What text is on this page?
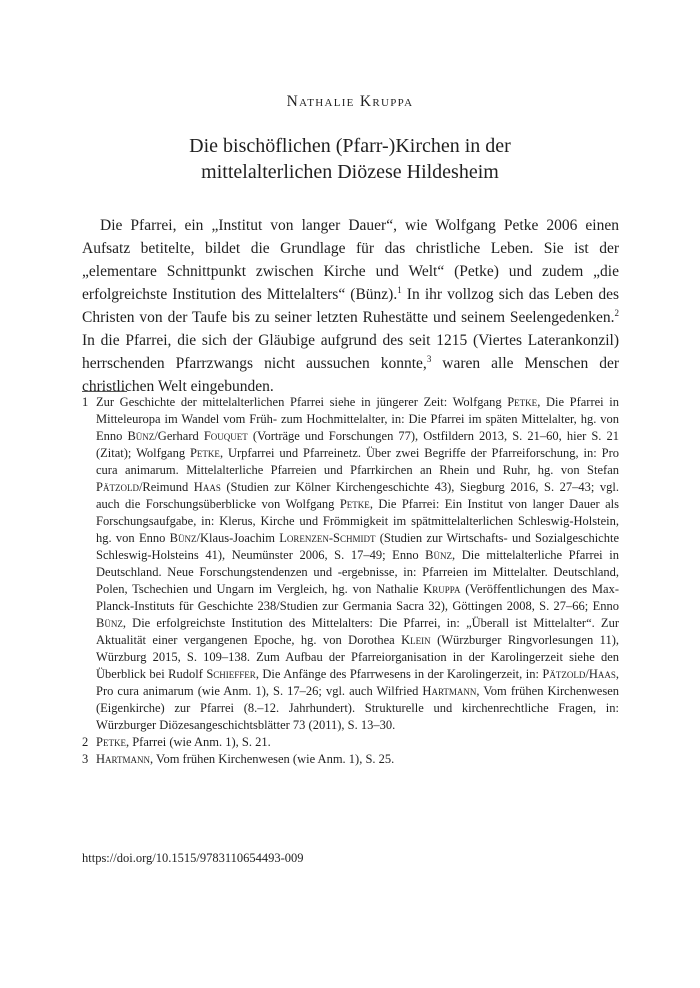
Nathalie Kruppa
Die bischöflichen (Pfarr-)Kirchen in der
mittelalterlichen Diözese Hildesheim

Die Pfarrei, ein „Institut von langer Dauer“, wie Wolfgang Petke 2006 einen Aufsatz betitelte, bildet die Grundlage für das christliche Leben. Sie ist der „elementare Schnittpunkt zwischen Kirche und Welt“ (Petke) und zudem „die erfolgreichste Institution des Mittelalters“ (Bünz).$^1$ In ihr vollzog sich das Leben des Christen von der Taufe bis zu seiner letzten Ruhestätte und seinem Seelengedenken.$^2$ In die Pfarrei, die sich der Gläubige aufgrund des seit 1215 (Viertes Laterankonzil) herrschenden Pfarrzwangs nicht aussuchen konnte,$^3$ waren alle Menschen der christlichen Welt eingebunden.

1 Zur Geschichte der mittelalterlichen Pfarrei siehe in jüngerer Zeit: Wolfgang Petke, Die Pfarrei in Mitteleuropa im Wandel vom Früh- zum Hochmittelalter, in: Die Pfarrei im späten Mittelalter, hg. von Enno Bünz/Gerhard Fouquet (Vorträge und Forschungen 77), Ostfildern 2013, S. 21–60, hier S. 21 (Zitat); Wolfgang Petke, Urpfarrei und Pfarreinetz. Über zwei Begriffe der Pfarreiforschung, in: Pro cura animarum. Mittelalterliche Pfarreien und Pfarrkirchen an Rhein und Ruhr, hg. von Stefan Pätzold/Reimund Haas (Studien zur Kölner Kirchengeschichte 43), Siegburg 2016, S. 27–43; vgl. auch die Forschungsüberblicke von Wolfgang Petke, Die Pfarrei: Ein Institut von langer Dauer als Forschungsaufgabe, in: Klerus, Kirche und Frömmigkeit im spätmittelalterlichen Schleswig-Holstein, hg. von Enno Bünz/Klaus-Joachim Lorenzen-Schmidt (Studien zur Wirtschafts- und Sozialgeschichte Schleswig-Holsteins 41), Neumünster 2006, S. 17–49; Enno Bünz, Die mittelalterliche Pfarrei in Deutschland. Neue Forschungstendenzen und -ergebnisse, in: Pfarreien im Mittelalter. Deutschland, Polen, Tschechien und Ungarn im Vergleich, hg. von Nathalie Kruppa (Veröffentlichungen des Max-Planck-Instituts für Geschichte 238/Studien zur Germania Sacra 32), Göttingen 2008, S. 27–66; Enno Bünz, Die erfolgreichste Institution des Mittelalters: Die Pfarrei, in: „Überall ist Mittelalter“. Zur Aktualität einer vergangenen Epoche, hg. von Dorothea Klein (Würzburger Ringvorlesungen 11), Würzburg 2015, S. 109–138. Zum Aufbau der Pfarreiorganisation in der Karolingerzeit siehe den Überblick bei Rudolf Schieffer, Die Anfänge des Pfarrwesens in der Karolingerzeit, in: Pätzold/Haas, Pro cura animarum (wie Anm. 1), S. 17–26; vgl. auch Wilfried Hartmann, Vom frühen Kirchenwesen (Eigenkirche) zur Pfarrei (8.–12. Jahrhundert). Strukturelle und kirchenrechtliche Fragen, in: Würzburger Diözesangeschichtsblätter 73 (2011), S. 13–30.
2 Petke, Pfarrei (wie Anm. 1), S. 21.
3 Hartmann, Vom frühen Kirchenwesen (wie Anm. 1), S. 25.
https://doi.org/10.1515/9783110654493-009
